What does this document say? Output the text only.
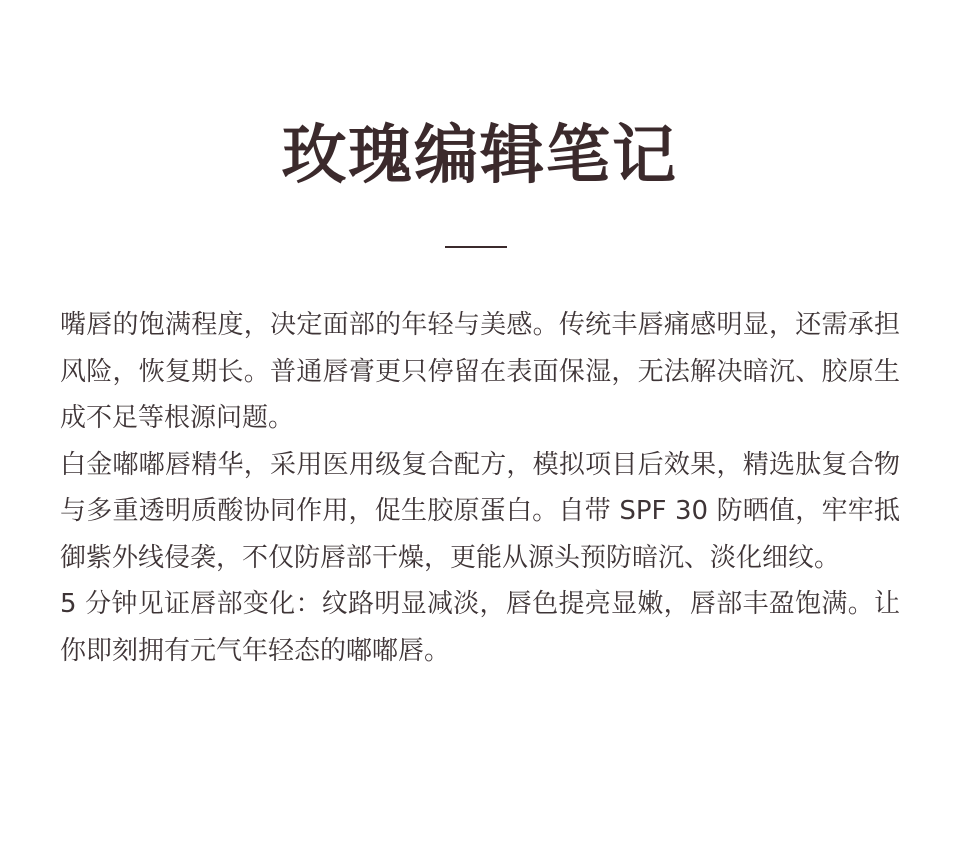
玫瑰编辑笔记

嘴唇的饱满程度，决定面部的年轻与美感。传统丰唇痛感明显，还需承担风险，恢复期长。普通唇膏更只停留在表面保湿，无法解决暗沉、胶原生成不足等根源问题。

白金嘟嘟唇精华，采用医用级复合配方，模拟项目后效果，精选肽复合物与多重透明质酸协同作用，促生胶原蛋白。自带 SPF 30 防晒值，牢牢抵御紫外线侵袭，不仅防唇部干燥，更能从源头预防暗沉、淡化细纹。

5 分钟见证唇部变化：纹路明显减淡，唇色提亮显嫩，唇部丰盈饱满。让你即刻拥有元气年轻态的嘟嘟唇。
